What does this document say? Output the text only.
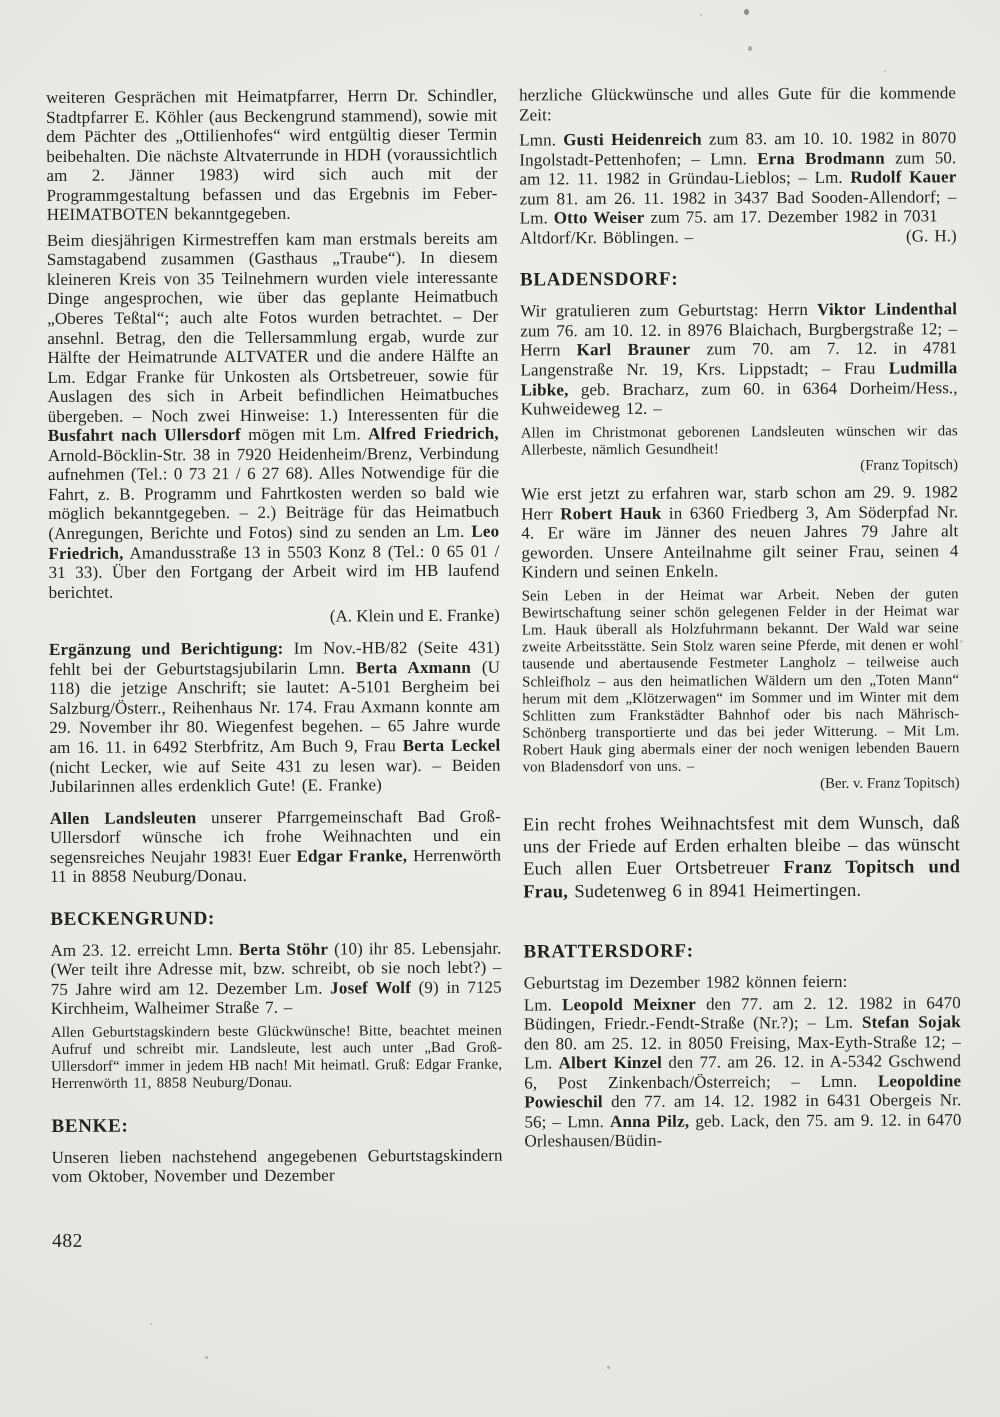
weiteren Gesprächen mit Heimatpfarrer, Herrn Dr. Schindler, Stadtpfarrer E. Köhler (aus Beckengrund stammend), sowie mit dem Pächter des „Ottilienhofes“ wird entgültig dieser Termin beibehalten. Die nächste Altvaterrunde in HDH (voraussichtlich am 2. Jänner 1983) wird sich auch mit der Programmgestaltung befassen und das Ergebnis im Feber-HEIMATBOTEN bekanntgegeben.

Beim diesjährigen Kirmestreffen kam man erstmals bereits am Samstagabend zusammen (Gasthaus „Traube“). In diesem kleineren Kreis von 35 Teilnehmern wurden viele interessante Dinge angesprochen, wie über das geplante Heimatbuch „Oberes Teßtal“; auch alte Fotos wurden betrachtet. – Der ansehnl. Betrag, den die Tellersammlung ergab, wurde zur Hälfte der Heimatrunde ALTVATER und die andere Hälfte an Lm. Edgar Franke für Unkosten als Ortsbetreuer, sowie für Auslagen des sich in Arbeit befindlichen Heimatbuches übergeben. – Noch zwei Hinweise: 1.) Interessenten für die Busfahrt nach Ullersdorf mögen mit Lm. Alfred Friedrich, Arnold-Böcklin-Str. 38 in 7920 Heidenheim/Brenz, Verbindung aufnehmen (Tel.: 0 73 21 / 6 27 68). Alles Notwendige für die Fahrt, z. B. Programm und Fahrtkosten werden so bald wie möglich bekanntgegeben. – 2.) Beiträge für das Heimatbuch (Anregungen, Berichte und Fotos) sind zu senden an Lm. Leo Friedrich, Amandusstraße 13 in 5503 Konz 8 (Tel.: 0 65 01 / 31 33). Über den Fortgang der Arbeit wird im HB laufend berichtet.

(A. Klein und E. Franke)

Ergänzung und Berichtigung: Im Nov.-HB/82 (Seite 431) fehlt bei der Geburtstagsjubilarin Lmn. Berta Axmann (U 118) die jetzige Anschrift; sie lautet: A-5101 Bergheim bei Salzburg/Österr., Reihenhaus Nr. 174. Frau Axmann konnte am 29. November ihr 80. Wiegenfest begehen. – 65 Jahre wurde am 16. 11. in 6492 Sterbfritz, Am Buch 9, Frau Berta Leckel (nicht Lecker, wie auf Seite 431 zu lesen war). – Beiden Jubilarinnen alles erdenklich Gute! (E. Franke)

Allen Landsleuten unserer Pfarrgemeinschaft Bad Groß-Ullersdorf wünsche ich frohe Weihnachten und ein segensreiches Neujahr 1983! Euer Edgar Franke, Herrenwörth 11 in 8858 Neuburg/Donau.

BECKENGRUND:

Am 23. 12. erreicht Lmn. Berta Stöhr (10) ihr 85. Lebensjahr. (Wer teilt ihre Adresse mit, bzw. schreibt, ob sie noch lebt?) – 75 Jahre wird am 12. Dezember Lm. Josef Wolf (9) in 7125 Kirchheim, Walheimer Straße 7. –

Allen Geburtstagskindern beste Glückwünsche! Bitte, beachtet meinen Aufruf und schreibt mir. Landsleute, lest auch unter „Bad Groß-Ullersdorf“ immer in jedem HB nach! Mit heimatl. Gruß: Edgar Franke, Herrenwörth 11, 8858 Neuburg/Donau.

BENKE:

Unseren lieben nachstehend angegebenen Geburtstagskindern vom Oktober, November und Dezember

482

herzliche Glückwünsche und alles Gute für die kommende Zeit:

Lmn. Gusti Heidenreich zum 83. am 10. 10. 1982 in 8070 Ingolstadt-Pettenhofen; – Lmn. Erna Brodmann zum 50. am 12. 11. 1982 in Gründau-Lieblos; – Lm. Rudolf Kauer zum 81. am 26. 11. 1982 in 3437 Bad Sooden-Allendorf; – Lm. Otto Weiser zum 75. am 17. Dezember 1982 in 7031

Altdorf/Kr. Böblingen. –	(G. H.)
BLADENSDORF:

Wir gratulieren zum Geburtstag: Herrn Viktor Lindenthal zum 76. am 10. 12. in 8976 Blaichach, Burgbergstraße 12; – Herrn Karl Brauner zum 70. am 7. 12. in 4781 Langenstraße Nr. 19, Krs. Lippstadt; – Frau Ludmilla Libke, geb. Bracharz, zum 60. in 6364 Dorheim/Hess., Kuhweideweg 12. –

Allen im Christmonat geborenen Landsleuten wünschen wir das Allerbeste, nämlich Gesundheit!

(Franz Topitsch)

Wie erst jetzt zu erfahren war, starb schon am 29. 9. 1982 Herr Robert Hauk in 6360 Friedberg 3, Am Söderpfad Nr. 4. Er wäre im Jänner des neuen Jahres 79 Jahre alt geworden. Unsere Anteilnahme gilt seiner Frau, seinen 4 Kindern und seinen Enkeln.

Sein Leben in der Heimat war Arbeit. Neben der guten Bewirtschaftung seiner schön gelegenen Felder in der Heimat war Lm. Hauk überall als Holzfuhrmann bekannt. Der Wald war seine zweite Arbeitsstätte. Sein Stolz waren seine Pferde, mit denen er wohl tausende und abertausende Festmeter Langholz – teilweise auch Schleifholz – aus den heimatlichen Wäldern um den „Toten Mann“ herum mit dem „Klötzerwagen“ im Sommer und im Winter mit dem Schlitten zum Frankstädter Bahnhof oder bis nach Mährisch-Schönberg transportierte und das bei jeder Witterung. – Mit Lm. Robert Hauk ging abermals einer der noch wenigen lebenden Bauern von Bladensdorf von uns. –

(Ber. v. Franz Topitsch)

Ein recht frohes Weihnachtsfest mit dem Wunsch, daß uns der Friede auf Erden erhalten bleibe – das wünscht Euch allen Euer Ortsbetreuer Franz Topitsch und Frau, Sudetenweg 6 in 8941 Heimertingen.

BRATTERSDORF:

Geburtstag im Dezember 1982 können feiern:

Lm. Leopold Meixner den 77. am 2. 12. 1982 in 6470 Büdingen, Friedr.-Fendt-Straße (Nr.?); – Lm. Stefan Sojak den 80. am 25. 12. in 8050 Freising, Max-Eyth-Straße 12; – Lm. Albert Kinzel den 77. am 26. 12. in A-5342 Gschwend 6, Post Zinkenbach/Österreich; – Lmn. Leopoldine Powieschil den 77. am 14. 12. 1982 in 6431 Obergeis Nr. 56; – Lmn. Anna Pilz, geb. Lack, den 75. am 9. 12. in 6470 Orleshausen/Büdin-
